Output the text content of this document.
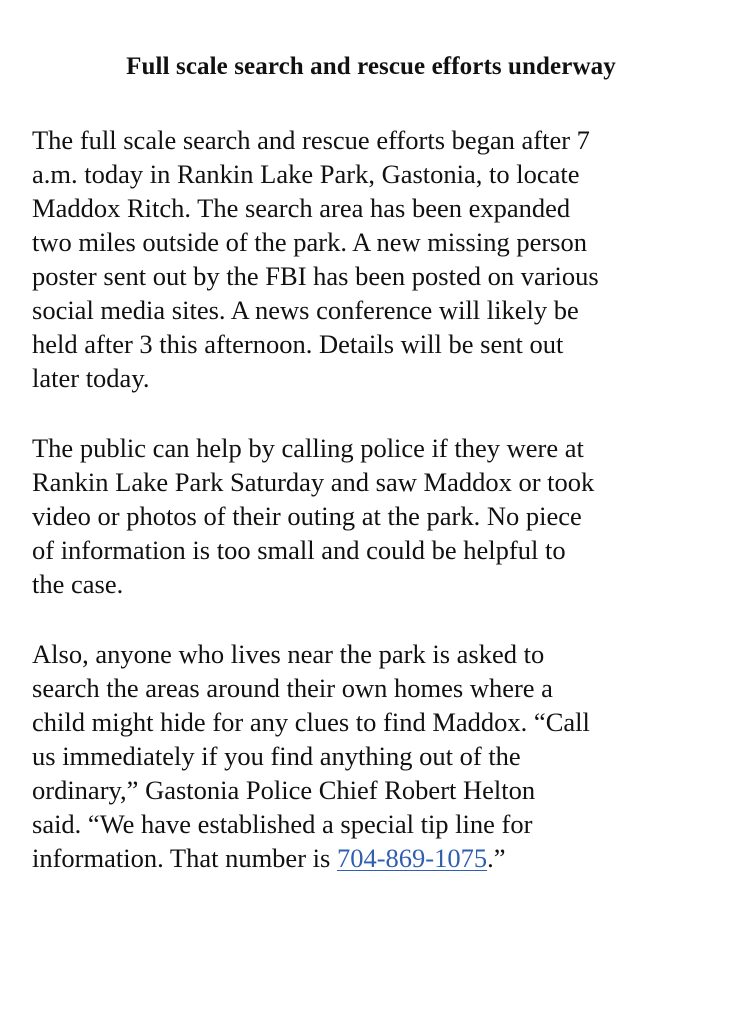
Full scale search and rescue efforts underway

The full scale search and rescue efforts began after 7
a.m. today in Rankin Lake Park, Gastonia, to locate
Maddox Ritch. The search area has been expanded
two miles outside of the park. A new missing person
poster sent out by the FBI has been posted on various
social media sites. A news conference will likely be
held after 3 this afternoon. Details will be sent out
later today.

The public can help by calling police if they were at
Rankin Lake Park Saturday and saw Maddox or took
video or photos of their outing at the park. No piece
of information is too small and could be helpful to
the case.

Also, anyone who lives near the park is asked to
search the areas around their own homes where a
child might hide for any clues to find Maddox. “Call
us immediately if you find anything out of the
ordinary,” Gastonia Police Chief Robert Helton
said. “We have established a special tip line for
information. That number is 704-869-1075.”
